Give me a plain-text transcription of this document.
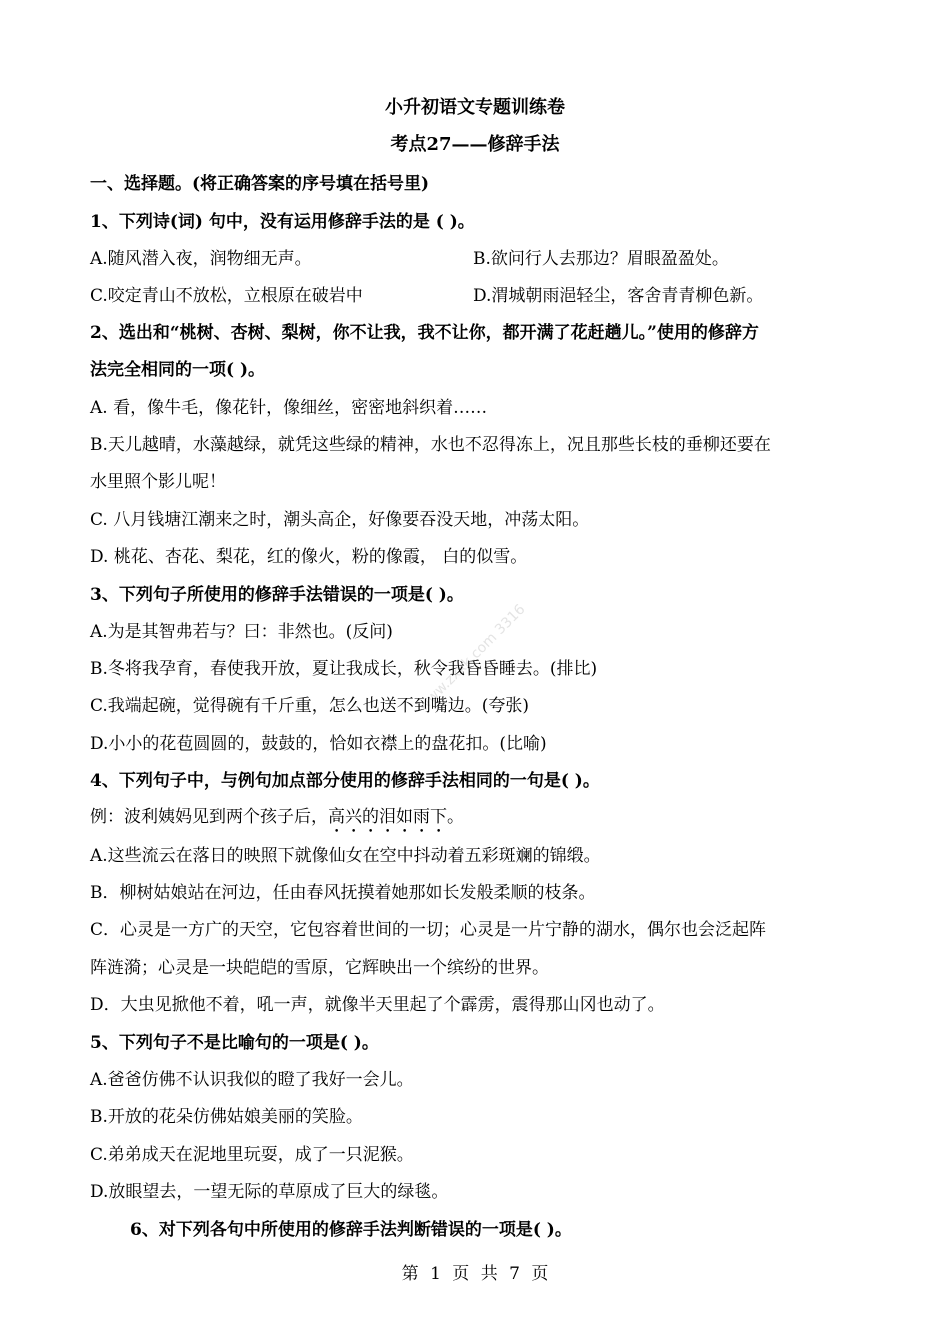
www.zxxk.com 3316
小升初语文专题训练卷
考点27——修辞手法
一、选择题。(将正确答案的序号填在括号里)
1、下列诗(词) 句中，没有运用修辞手法的是 ( )。
A.随风潜入夜，润物细无声。	B.欲问行人去那边？眉眼盈盈处。
C.咬定青山不放松，立根原在破岩中	D.渭城朝雨浥轻尘，客舍青青柳色新。
2、选出和“桃树、杏树、梨树，你不让我，我不让你，都开满了花赶趟儿。”使用的修辞方
法完全相同的一项( )。
A. 看，像牛毛，像花针，像细丝，密密地斜织着……
B.天儿越晴，水藻越绿，就凭这些绿的精神，水也不忍得冻上，况且那些长枝的垂柳还要在
水里照个影儿呢！
C. 八月钱塘江潮来之时，潮头高企，好像要吞没天地，冲荡太阳。
D. 桃花、杏花、梨花，红的像火，粉的像霞， 白的似雪。
3、下列句子所使用的修辞手法错误的一项是( )。
A.为是其智弗若与？曰：非然也。(反问)
B.冬将我孕育，春使我开放，夏让我成长，秋令我昏昏睡去。(排比)
C.我端起碗，觉得碗有千斤重，怎么也送不到嘴边。(夸张)
D.小小的花苞圆圆的，鼓鼓的，恰如衣襟上的盘花扣。(比喻)
4、下列句子中，与例句加点部分使用的修辞手法相同的一句是( )。
例：波利姨妈见到两个孩子后，高兴的泪如雨下。
A.这些流云在落日的映照下就像仙女在空中抖动着五彩斑斓的锦缎。
B．柳树姑娘站在河边，任由春风抚摸着她那如长发般柔顺的枝条。
C．心灵是一方广的天空，它包容着世间的一切；心灵是一片宁静的湖水，偶尔也会泛起阵
阵涟漪；心灵是一块皑皑的雪原，它辉映出一个缤纷的世界。
D．大虫见掀他不着，吼一声，就像半天里起了个霹雳，震得那山冈也动了。
5、下列句子不是比喻句的一项是( )。
A.爸爸仿佛不认识我似的瞪了我好一会儿。
B.开放的花朵仿佛姑娘美丽的笑脸。
C.弟弟成天在泥地里玩耍，成了一只泥猴。
D.放眼望去，一望无际的草原成了巨大的绿毯。
6、对下列各句中所使用的修辞手法判断错误的一项是( )。
第 1 页 共 7 页
